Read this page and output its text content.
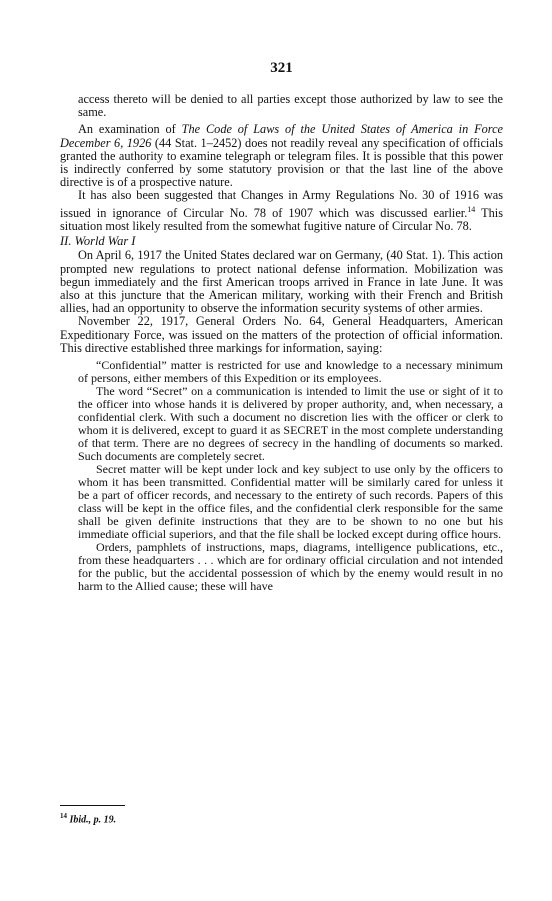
321

access thereto will be denied to all parties except those authorized by law to see the same.

An examination of The Code of Laws of the United States of America in Force December 6, 1926 (44 Stat. 1–2452) does not readily reveal any specification of officials granted the authority to examine telegraph or telegram files. It is possible that this power is indirectly conferred by some statutory provision or that the last line of the above directive is of a prospective nature.

It has also been suggested that Changes in Army Regulations No. 30 of 1916 was issued in ignorance of Circular No. 78 of 1907 which was discussed earlier.$^{14}$ This situation most likely resulted from the somewhat fugitive nature of Circular No. 78.

II. World War I

On April 6, 1917 the United States declared war on Germany, (40 Stat. 1). This action prompted new regulations to protect national defense information. Mobilization was begun immediately and the first American troops arrived in France in late June. It was also at this juncture that the American military, working with their French and British allies, had an opportunity to observe the information security systems of other armies.

November 22, 1917, General Orders No. 64, General Headquarters, American Expeditionary Force, was issued on the matters of the protection of official information. This directive established three markings for information, saying:

“Confidential” matter is restricted for use and knowledge to a necessary minimum of persons, either members of this Expedition or its employees.

The word “Secret” on a communication is intended to limit the use or sight of it to the officer into whose hands it is delivered by proper authority, and, when necessary, a confidential clerk. With such a document no discretion lies with the officer or clerk to whom it is delivered, except to guard it as SECRET in the most complete understanding of that term. There are no degrees of secrecy in the handling of documents so marked. Such documents are completely secret.

Secret matter will be kept under lock and key subject to use only by the officers to whom it has been transmitted. Confidential matter will be similarly cared for unless it be a part of officer records, and necessary to the entirety of such records. Papers of this class will be kept in the office files, and the confidential clerk responsible for the same shall be given definite instructions that they are to be shown to no one but his immediate official superiors, and that the file shall be locked except during office hours.

Orders, pamphlets of instructions, maps, diagrams, intelligence publications, etc., from these headquarters . . . which are for ordinary official circulation and not intended for the public, but the accidental possession of which by the enemy would result in no harm to the Allied cause; these will have

$^{14}$ Ibid., p. 19.
